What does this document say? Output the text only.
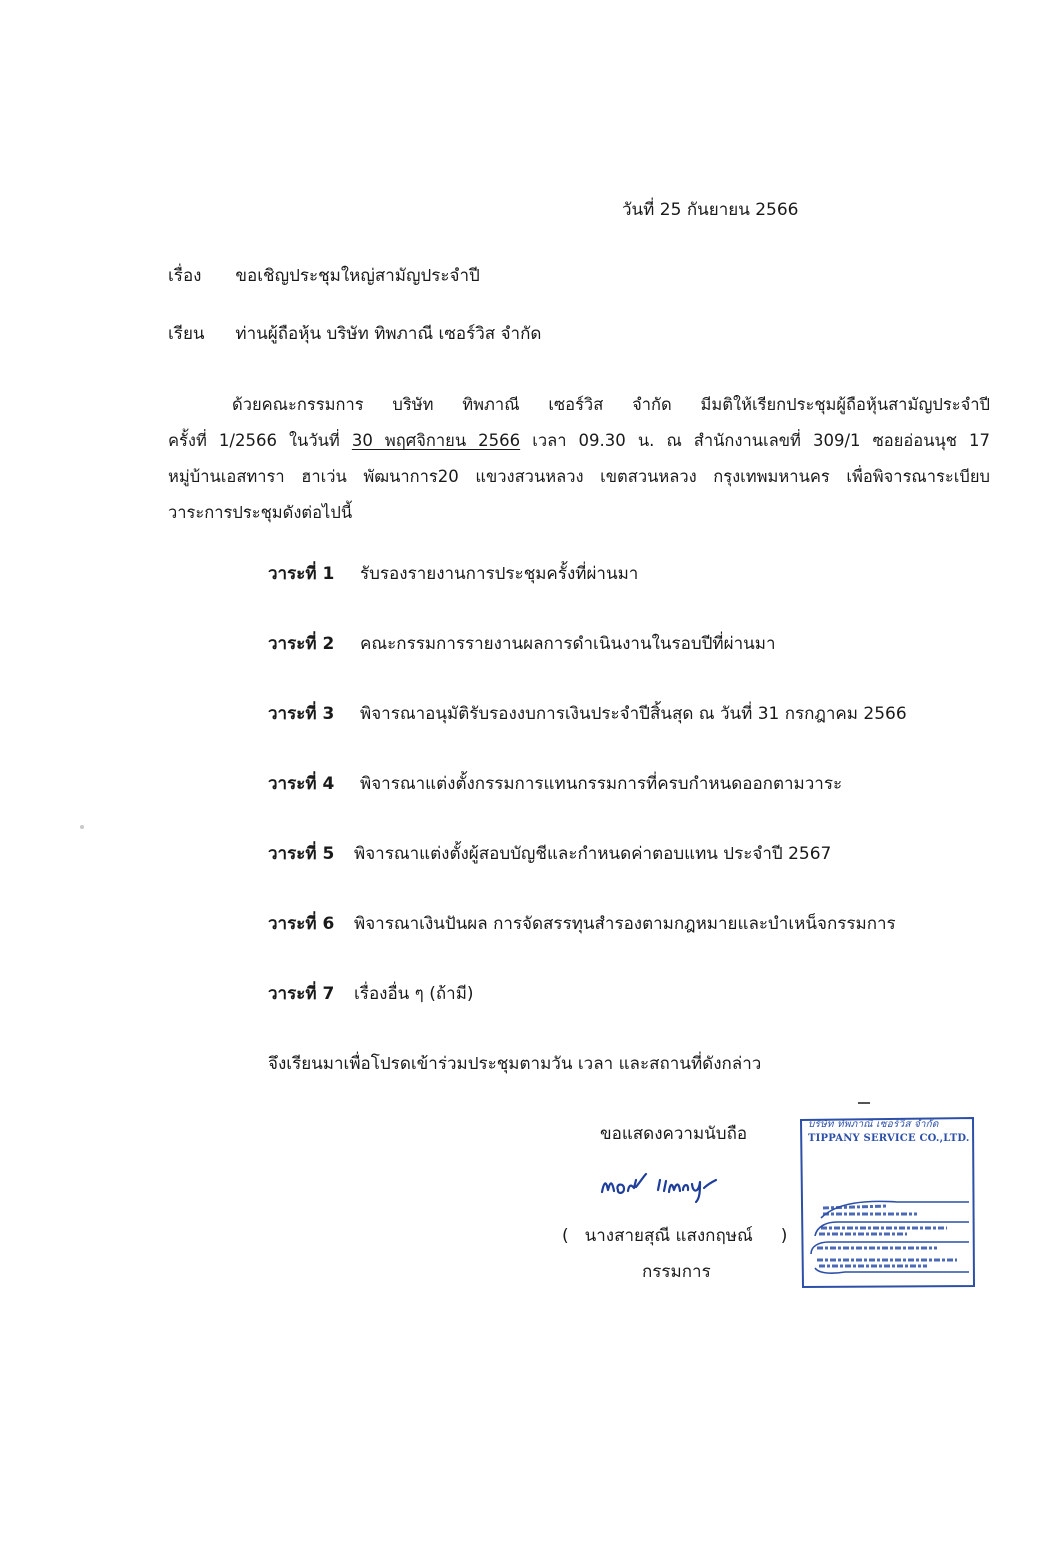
วันที่ 25 กันยายน 2566
เรื่อง ขอเชิญประชุมใหญ่สามัญประจำปี
เรียน ท่านผู้ถือหุ้น บริษัท ทิพภาณี เซอร์วิส จำกัด
ด้วยคณะกรรมการ บริษัท ทิพภาณี เซอร์วิส จำกัด มีมติให้เรียกประชุมผู้ถือหุ้นสามัญประจำปี
ครั้งที่ 1/2566 ในวันที่ 30 พฤศจิกายน 2566 เวลา 09.30 น. ณ สำนักงานเลขที่ 309/1 ซอยอ่อนนุช 17
หมู่บ้านเอสทารา ฮาเว่น พัฒนาการ20 แขวงสวนหลวง เขตสวนหลวง กรุงเทพมหานคร เพื่อพิจารณาระเบียบ
วาระการประชุมดังต่อไปนี้
วาระที่ 1 รับรองรายงานการประชุมครั้งที่ผ่านมา
วาระที่ 2 คณะกรรมการรายงานผลการดำเนินงานในรอบปีที่ผ่านมา
วาระที่ 3 พิจารณาอนุมัติรับรองงบการเงินประจำปีสิ้นสุด ณ วันที่ 31 กรกฎาคม 2566
วาระที่ 4 พิจารณาแต่งตั้งกรรมการแทนกรรมการที่ครบกำหนดออกตามวาระ
วาระที่ 5 พิจารณาแต่งตั้งผู้สอบบัญชีและกำหนดค่าตอบแทน ประจำปี 2567
วาระที่ 6 พิจารณาเงินปันผล การจัดสรรทุนสำรองตามกฎหมายและบำเหน็จกรรมการ
วาระที่ 7 เรื่องอื่น ๆ (ถ้ามี)
จึงเรียนมาเพื่อโปรดเข้าร่วมประชุมตามวัน เวลา และสถานที่ดังกล่าว
ขอแสดงความนับถือ
( นางสายสุณี แสงกฤษณ์ )
กรรมการ
บริษัท ทิพภาณี เซอร์วิส จำกัด
TIPPANY SERVICE CO.,LTD.
